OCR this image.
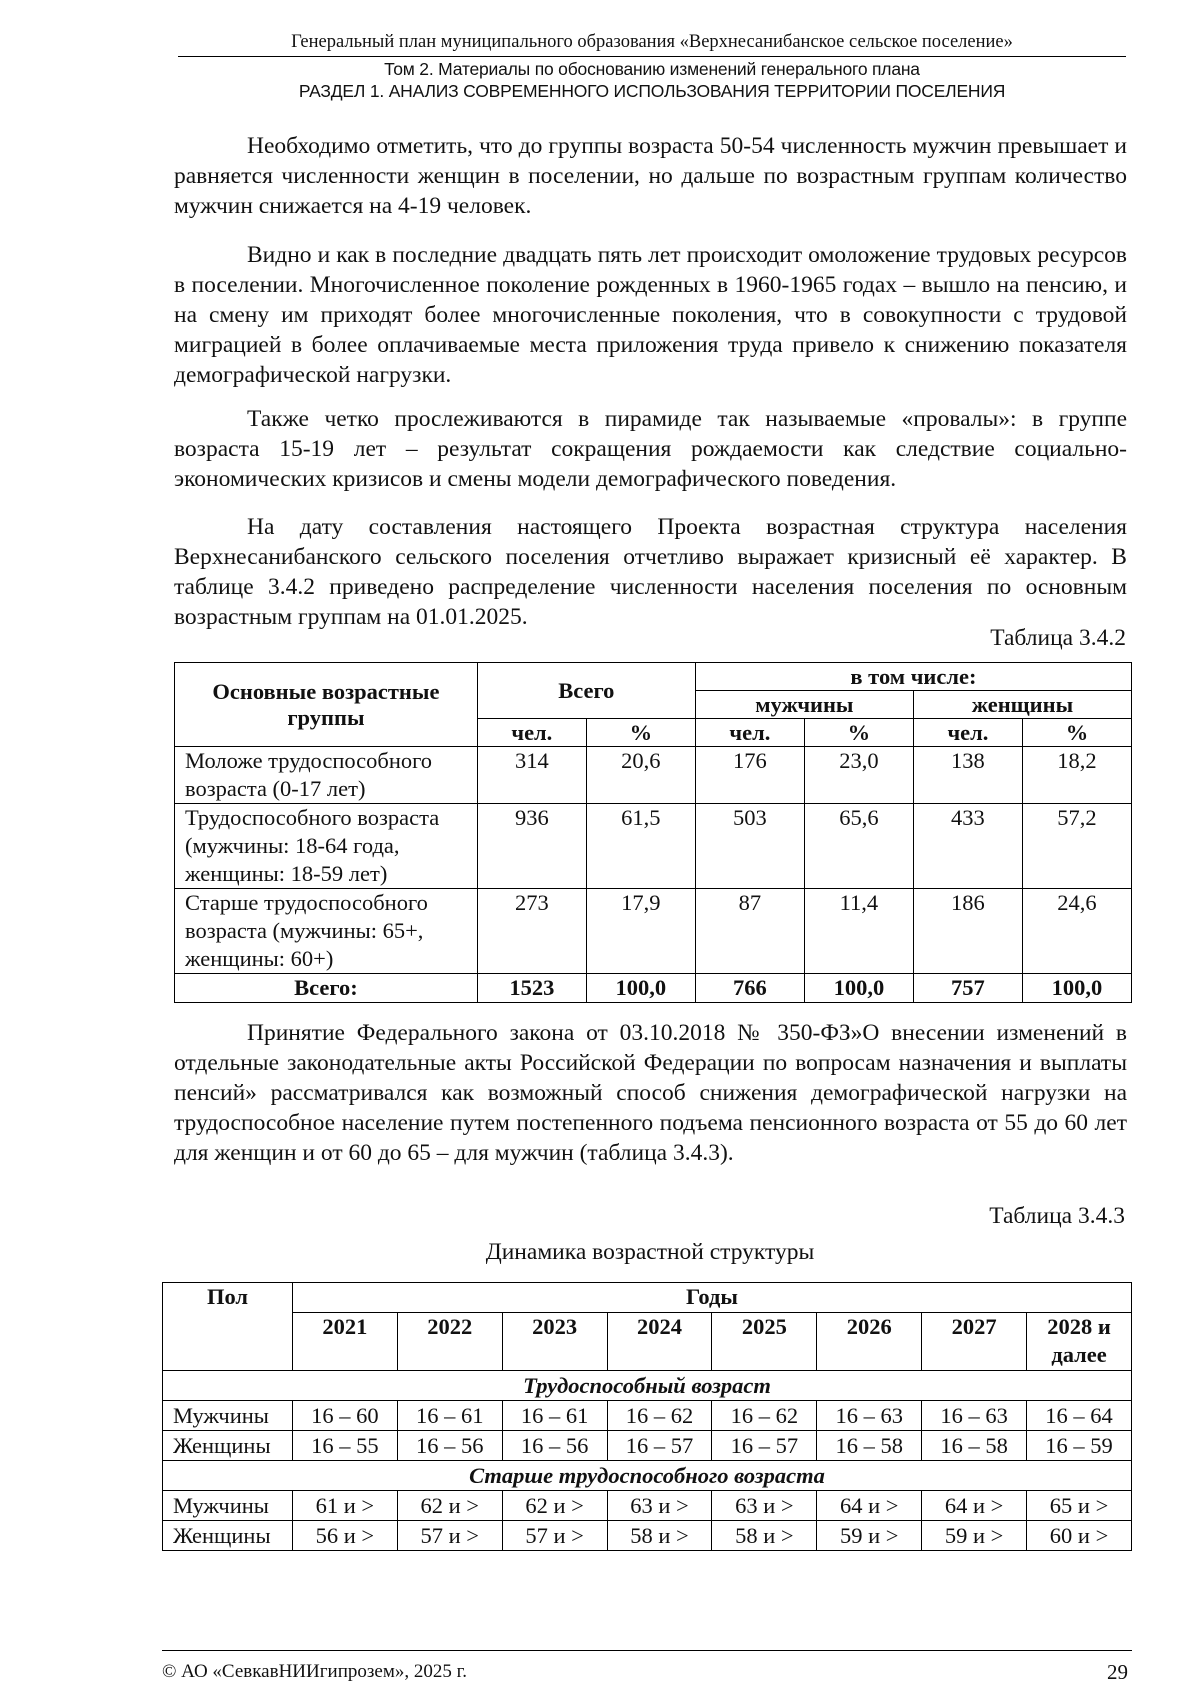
Генеральный план муниципального образования «Верхнесанибанское сельское поселение»
Том 2. Материалы по обоснованию изменений генерального плана
РАЗДЕЛ 1. АНАЛИЗ СОВРЕМЕННОГО ИСПОЛЬЗОВАНИЯ ТЕРРИТОРИИ ПОСЕЛЕНИЯ

Необходимо отметить, что до группы возраста 50-54 численность мужчин превышает и равняется численности женщин в поселении, но дальше по возрастным группам количество мужчин снижается на 4-19 человек.

Видно и как в последние двадцать пять лет происходит омоложение трудовых ресурсов в поселении. Многочисленное поколение рожденных в 1960-1965 годах – вышло на пенсию, и на смену им приходят более многочисленные поколения, что в совокупности с трудовой миграцией в более оплачиваемые места приложения труда привело к снижению показателя демографической нагрузки.

Также четко прослеживаются в пирамиде так называемые «провалы»: в группе возраста 15-19 лет – результат сокращения рождаемости как следствие социально-экономических кризисов и смены модели демографического поведения.

На дату составления настоящего Проекта возрастная структура населения Верхнесанибанского сельского поселения отчетливо выражает кризисный её характер. В таблице 3.4.2 приведено распределение численности населения поселения по основным возрастным группам на 01.01.2025.

Таблица 3.4.2
Основные возрастные группы	Всего		в том числе:			
			мужчины		женщины	
	чел.	%	чел.	%	чел.	%
Моложе трудоспособного возраста (0-17 лет)	314	20,6	176	23,0	138	18,2
Трудоспособного возраста (мужчины: 18-64 года, женщины: 18-59 лет)	936	61,5	503	65,6	433	57,2
Старше трудоспособного возраста (мужчины: 65+, женщины: 60+)	273	17,9	87	11,4	186	24,6
Всего:	1523	100,0	766	100,0	757	100,0

Принятие Федерального закона от 03.10.2018 № 350-ФЗ»О внесении изменений в отдельные законодательные акты Российской Федерации по вопросам назначения и выплаты пенсий» рассматривался как возможный способ снижения демографической нагрузки на трудоспособное население путем постепенного подъема пенсионного возраста от 55 до 60 лет для женщин и от 60 до 65 – для мужчин (таблица 3.4.3).

Таблица 3.4.3
Динамика возрастной структуры
Пол	Годы							
	2021	2022	2023	2024	2025	2026	2027	2028 и далее
Трудоспособный возраст								
Мужчины	16 – 60	16 – 61	16 – 61	16 – 62	16 – 62	16 – 63	16 – 63	16 – 64
Женщины	16 – 55	16 – 56	16 – 56	16 – 57	16 – 57	16 – 58	16 – 58	16 – 59
Старше трудоспособного возраста								
Мужчины	61 и >	62 и >	62 и >	63 и >	63 и >	64 и >	64 и >	65 и >
Женщины	56 и >	57 и >	57 и >	58 и >	58 и >	59 и >	59 и >	60 и >
© АО «СевкавНИИгипрозем», 2025 г.	29
